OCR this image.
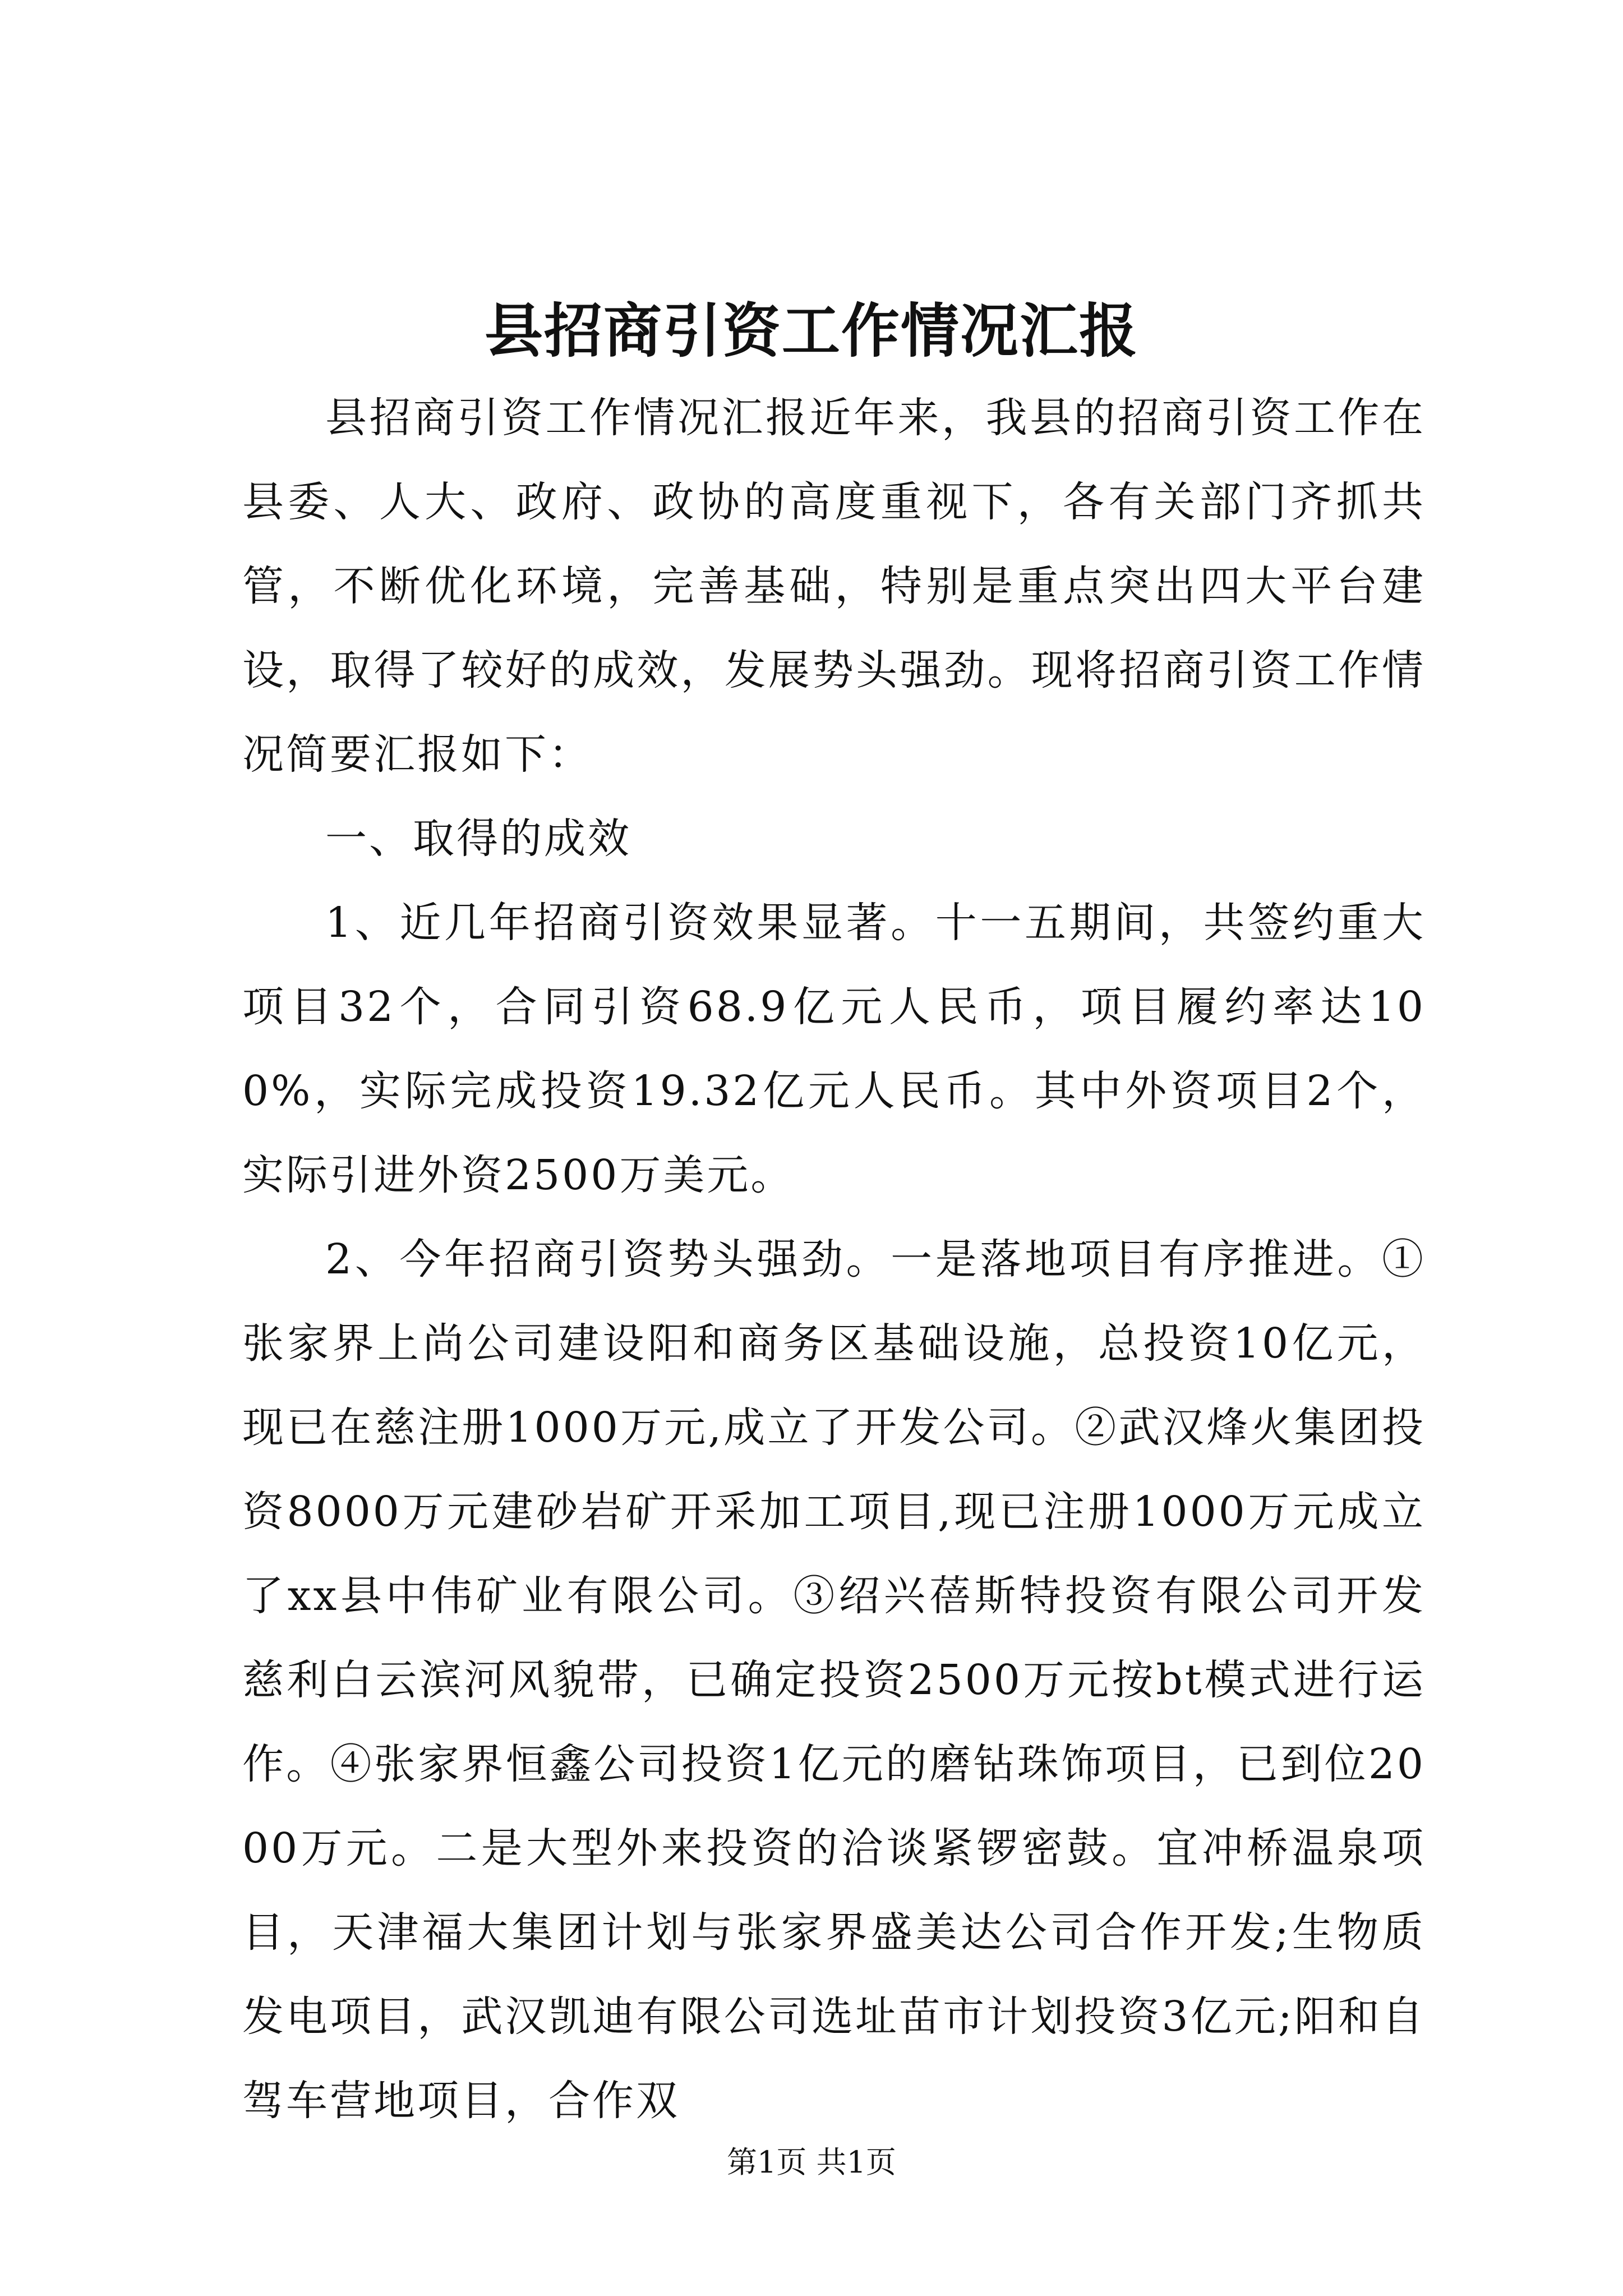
县招商引资工作情况汇报

县招商引资工作情况汇报近年来，我县的招商引资工作在县委、人大、政府、政协的高度重视下，各有关部门齐抓共管，不断优化环境，完善基础，特别是重点突出四大平台建设，取得了较好的成效，发展势头强劲。现将招商引资工作情况简要汇报如下：

一、取得的成效

1、近几年招商引资效果显著。十一五期间，共签约重大项目32个，合同引资68.9亿元人民币，项目履约率达100%，实际完成投资19.32亿元人民币。其中外资项目2个，实际引进外资2500万美元。

2、今年招商引资势头强劲。一是落地项目有序推进。①张家界上尚公司建设阳和商务区基础设施，总投资10亿元，现已在慈注册1000万元,成立了开发公司。②武汉烽火集团投资8000万元建砂岩矿开采加工项目,现已注册1000万元成立了xx县中伟矿业有限公司。③绍兴蓓斯特投资有限公司开发慈利白云滨河风貌带，已确定投资2500万元按bt模式进行运作。④张家界恒鑫公司投资1亿元的磨钻珠饰项目，已到位2000万元。二是大型外来投资的洽谈紧锣密鼓。宜冲桥温泉项目，天津福大集团计划与张家界盛美达公司合作开发;生物质发电项目，武汉凯迪有限公司选址苗市计划投资3亿元;阳和自驾车营地项目，合作双

第1页 共1页
